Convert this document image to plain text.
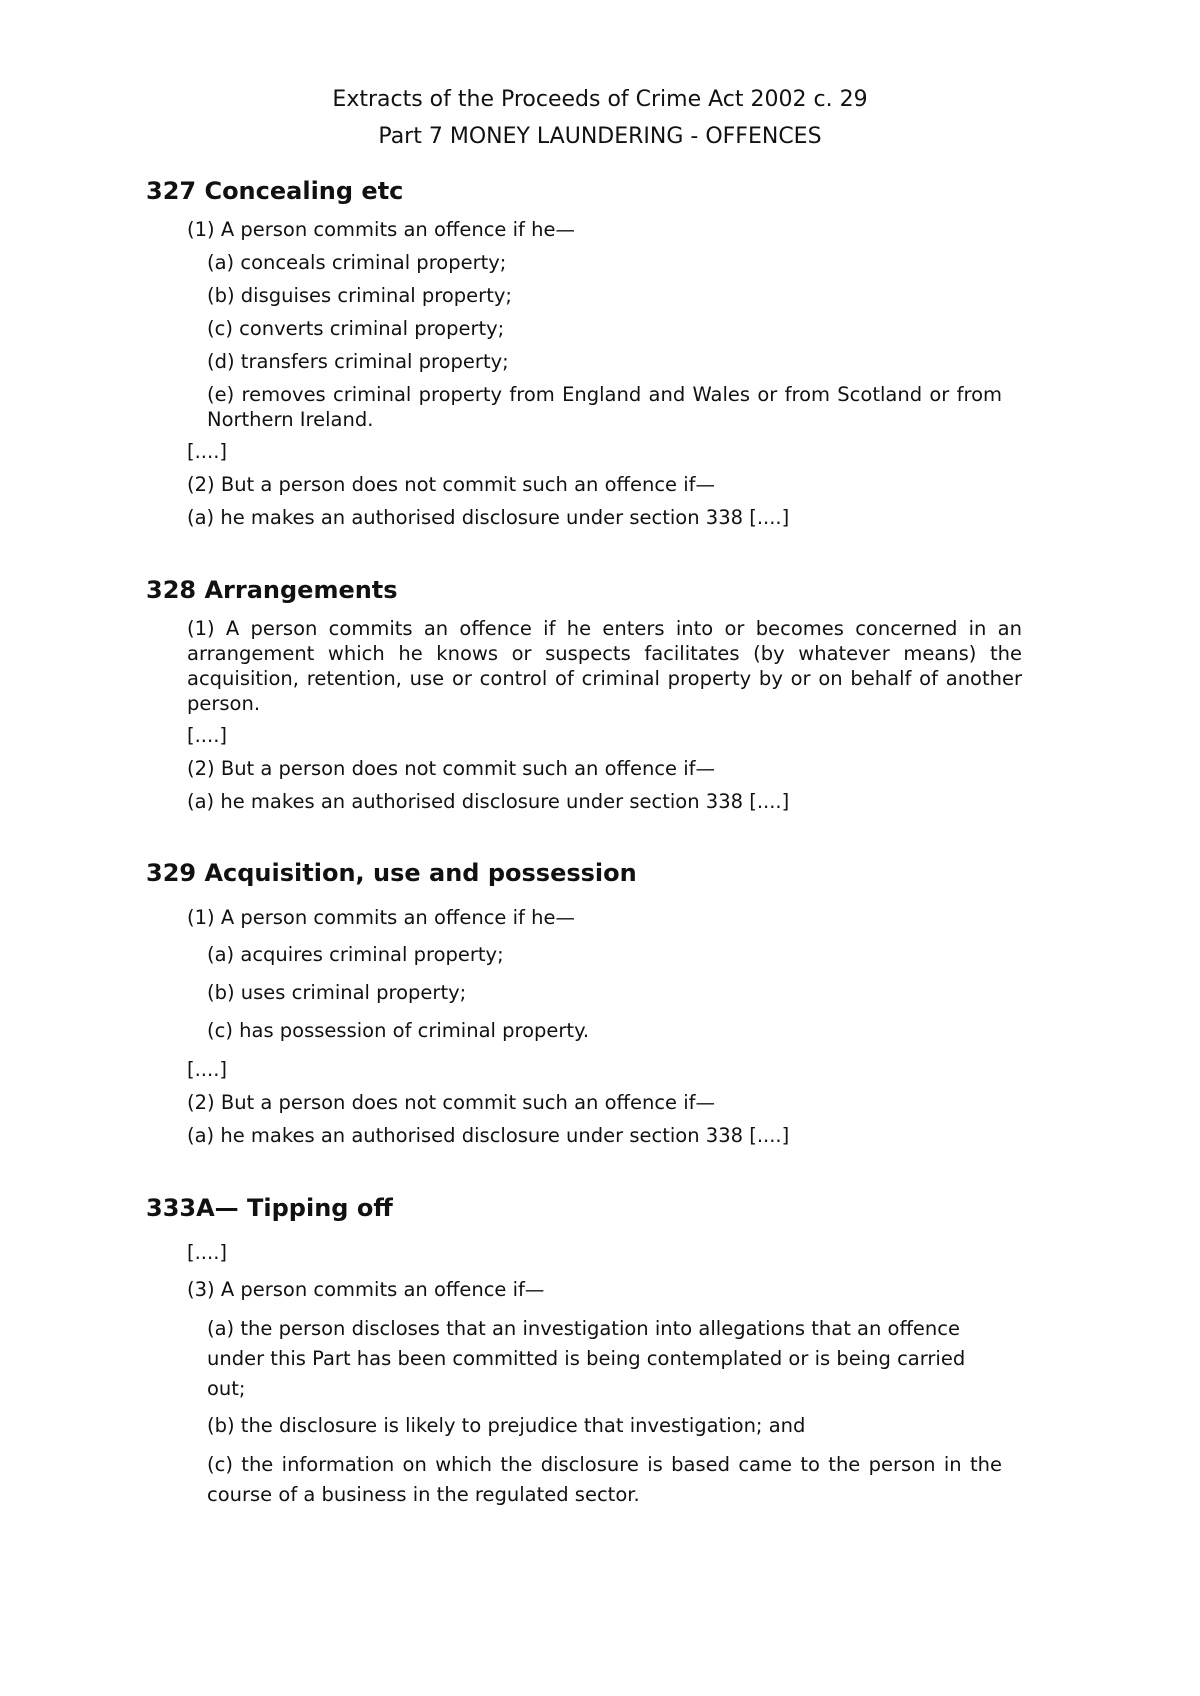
Extracts of the Proceeds of Crime Act 2002 c. 29
Part 7 MONEY LAUNDERING - OFFENCES
327 Concealing etc
(1) A person commits an offence if he—
(a) conceals criminal property;
(b) disguises criminal property;
(c) converts criminal property;
(d) transfers criminal property;
(e) removes criminal property from England and Wales or from Scotland or from Northern Ireland.
[....]
(2) But a person does not commit such an offence if—
(a) he makes an authorised disclosure under section 338 [....]
328 Arrangements
(1) A person commits an offence if he enters into or becomes concerned in an arrangement which he knows or suspects facilitates (by whatever means) the acquisition, retention, use or control of criminal property by or on behalf of another person.
[....]
(2) But a person does not commit such an offence if—
(a) he makes an authorised disclosure under section 338 [....]
329 Acquisition, use and possession
(1) A person commits an offence if he—
(a) acquires criminal property;
(b) uses criminal property;
(c) has possession of criminal property.
[....]
(2) But a person does not commit such an offence if—
(a) he makes an authorised disclosure under section 338 [....]
333A— Tipping off
[....]
(3) A person commits an offence if—
(a) the person discloses that an investigation into allegations that an offence under this Part has been committed is being contemplated or is being carried out;
(b) the disclosure is likely to prejudice that investigation; and
(c) the information on which the disclosure is based came to the person in the course of a business in the regulated sector.
